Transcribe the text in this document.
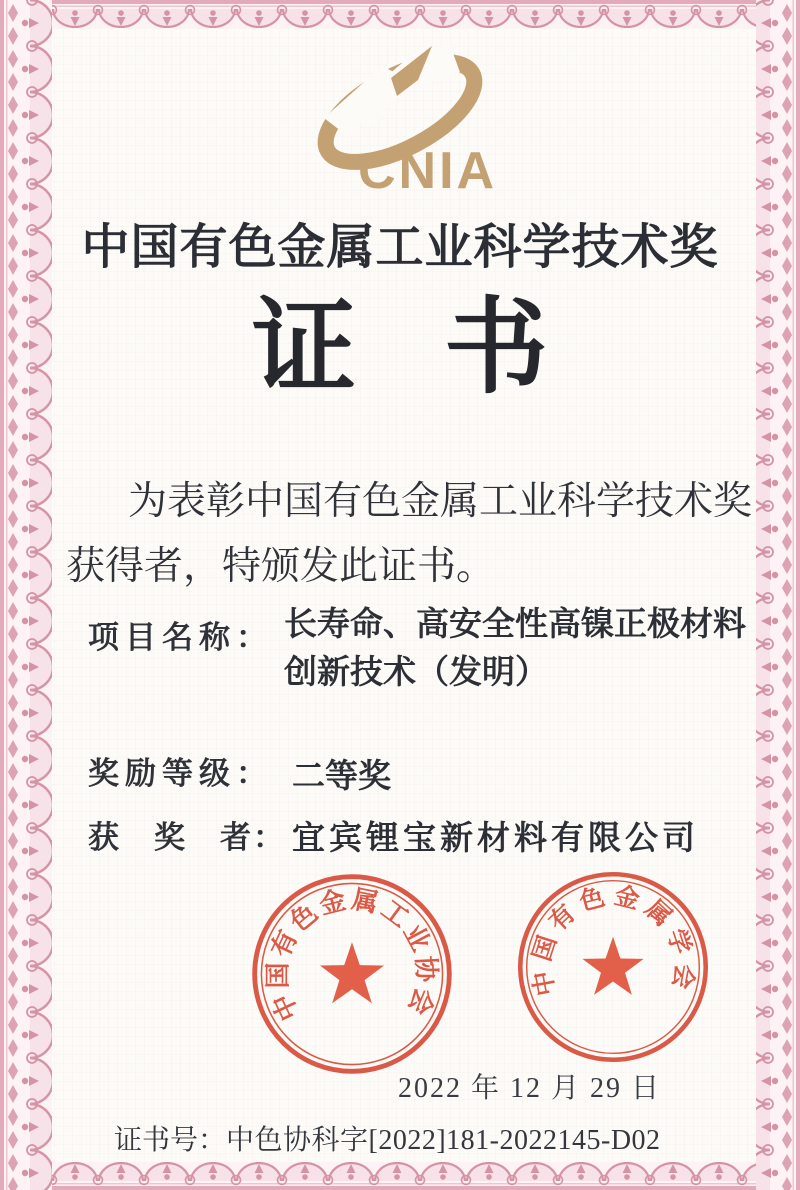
CNIA
中国有色金属工业科学技术奖
证 书
为表彰中国有色金属工业科学技术奖
获得者，特颁发此证书。
项目名称： 长寿命、高安全性高镍正极材料
创新技术（发明）
奖励等级： 二等奖
获　奖　者： 宜宾锂宝新材料有限公司
中国有色金属工业协会
中国有色金属学会
2022 年 12 月 29 日
证书号：中色协科字[2022]181-2022145-D02
